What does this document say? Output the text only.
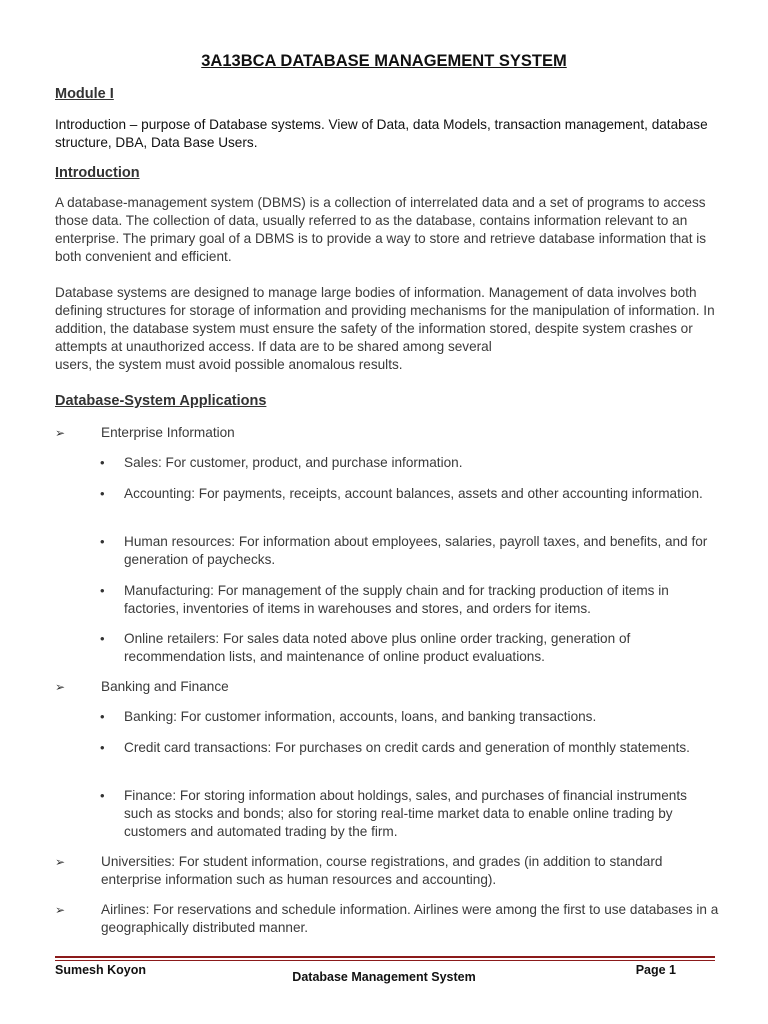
3A13BCA DATABASE MANAGEMENT SYSTEM
Module I

Introduction – purpose of Database systems. View of Data, data Models, transaction management, database structure, DBA, Data Base Users.

Introduction

A database-management system (DBMS) is a collection of interrelated data and a set of programs to access those data. The collection of data, usually referred to as the database, contains information relevant to an enterprise. The primary goal of a DBMS is to provide a way to store and retrieve database information that is both convenient and efficient.

Database systems are designed to manage large bodies of information. Management of data involves both defining structures for storage of information and providing mechanisms for the manipulation of information. In addition, the database system must ensure the safety of the information stored, despite system crashes or attempts at unauthorized access. If data are to be shared among several
users, the system must avoid possible anomalous results.

Database-System Applications
➢	Enterprise Information
• Sales: For customer, product, and purchase information.
• Accounting: For payments, receipts, account balances, assets and other accounting information.
• Human resources: For information about employees, salaries, payroll taxes, and benefits, and for generation of paychecks.
• Manufacturing: For management of the supply chain and for tracking production of items in factories, inventories of items in warehouses and stores, and orders for items.
• Online retailers: For sales data noted above plus online order tracking, generation of recommendation lists, and maintenance of online product evaluations.
➢	Banking and Finance
• Banking: For customer information, accounts, loans, and banking transactions.
• Credit card transactions: For purchases on credit cards and generation of monthly statements.
• Finance: For storing information about holdings, sales, and purchases of financial instruments such as stocks and bonds; also for storing real-time market data to enable online trading by customers and automated trading by the firm.
➢	Universities: For student information, course registrations, and grades (in addition to standard enterprise information such as human resources and accounting).
➢	Airlines: For reservations and schedule information. Airlines were among the first to use databases in a geographically distributed manner.
Sumesh Koyon	Database Management System	Page 1
